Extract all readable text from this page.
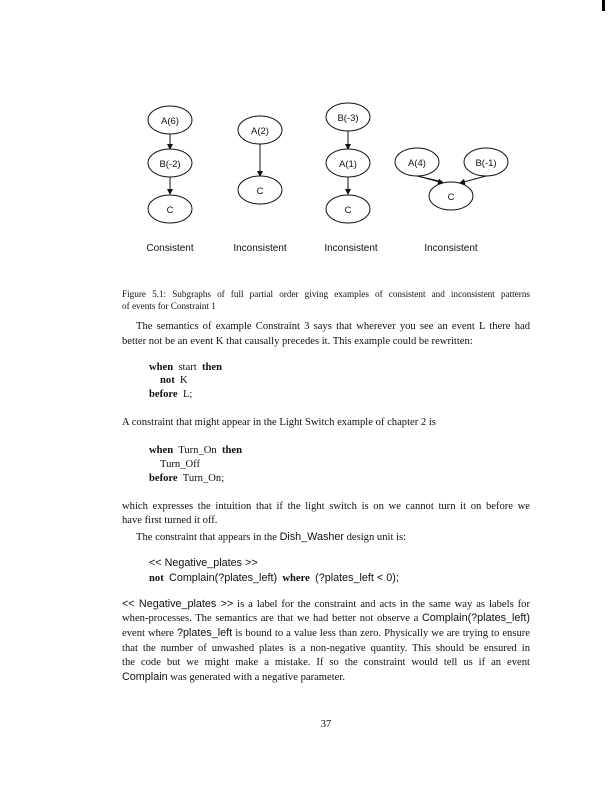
A(6)
B(-2)
C
A(2)
C
B(-3)
A(1)
C
A(4)	B(-1)
C
Consistent	Inconsistent	Inconsistent	Inconsistent
Figure 5.1: Subgraphs of full partial order giving examples of consistent and inconsistent patterns
of events for Constraint 1
The semantics of example Constraint 3 says that wherever you see an event L there had
better not be an event K that causally precedes it. This example could be rewritten:
when start then
not K
before L;
A constraint that might appear in the Light Switch example of chapter 2 is
when Turn_On then
Turn_Off
before Turn_On;
which expresses the intuition that if the light switch is on we cannot turn it on before we
have first turned it off.
The constraint that appears in the Dish_Washer design unit is:
<< Negative_plates >>
not Complain(?plates_left) where (?plates_left < 0);
<< Negative_plates >> is a label for the constraint and acts in the same way as labels for
when-processes. The semantics are that we had better not observe a Complain(?plates_left)
event where ?plates_left is bound to a value less than zero. Physically we are trying to ensure
that the number of unwashed plates is a non-negative quantity. This should be ensured in
the code but we might make a mistake. If so the constraint would tell us if an event
Complain was generated with a negative parameter.
37
